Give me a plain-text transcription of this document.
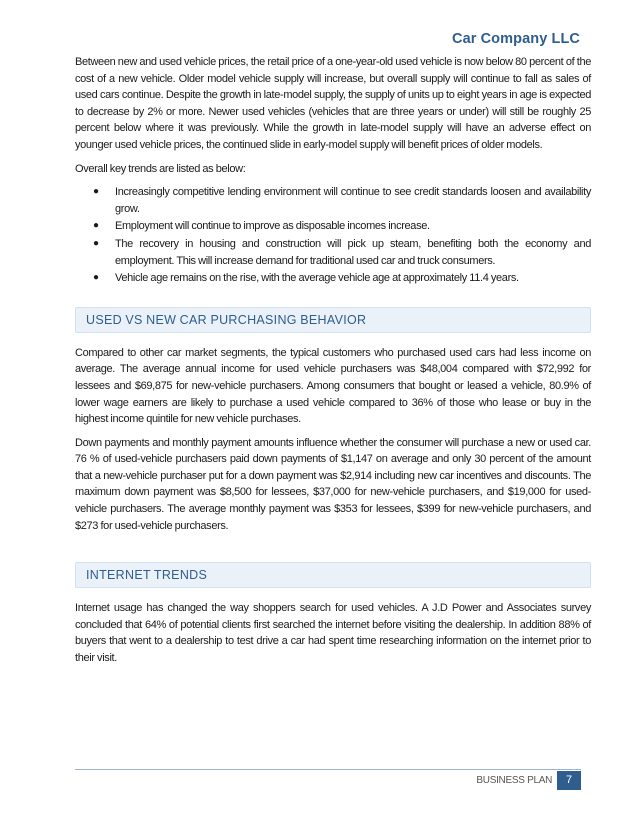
Car Company LLC

Between new and used vehicle prices, the retail price of a one-year-old used vehicle is now below 80 percent of the cost of a new vehicle. Older model vehicle supply will increase, but overall supply will continue to fall as sales of used cars continue. Despite the growth in late-model supply, the supply of units up to eight years in age is expected to decrease by 2% or more. Newer used vehicles (vehicles that are three years or under) will still be roughly 25 percent below where it was previously. While the growth in late-model supply will have an adverse effect on younger used vehicle prices, the continued slide in early-model supply will benefit prices of older models.

Overall key trends are listed as below:

● Increasingly competitive lending environment will continue to see credit standards loosen and availability grow.
● Employment will continue to improve as disposable incomes increase.
● The recovery in housing and construction will pick up steam, benefiting both the economy and employment. This will increase demand for traditional used car and truck consumers.
● Vehicle age remains on the rise, with the average vehicle age at approximately 11.4 years.
USED VS NEW CAR PURCHASING BEHAVIOR

Compared to other car market segments, the typical customers who purchased used cars had less income on average. The average annual income for used vehicle purchasers was $48,004 compared with $72,992 for lessees and $69,875 for new-vehicle purchasers. Among consumers that bought or leased a vehicle, 80.9% of lower wage earners are likely to purchase a used vehicle compared to 36% of those who lease or buy in the highest income quintile for new vehicle purchases.

Down payments and monthly payment amounts influence whether the consumer will purchase a new or used car. 76 % of used-vehicle purchasers paid down payments of $1,147 on average and only 30 percent of the amount that a new-vehicle purchaser put for a down payment was $2,914 including new car incentives and discounts. The maximum down payment was $8,500 for lessees, $37,000 for new-vehicle purchasers, and $19,000 for used-vehicle purchasers. The average monthly payment was $353 for lessees, $399 for new-vehicle purchasers, and $273 for used-vehicle purchasers.

INTERNET TRENDS

Internet usage has changed the way shoppers search for used vehicles. A J.D Power and Associates survey concluded that 64% of potential clients first searched the internet before visiting the dealership. In addition 88% of buyers that went to a dealership to test drive a car had spent time researching information on the internet prior to their visit.

BUSINESS PLAN	7
